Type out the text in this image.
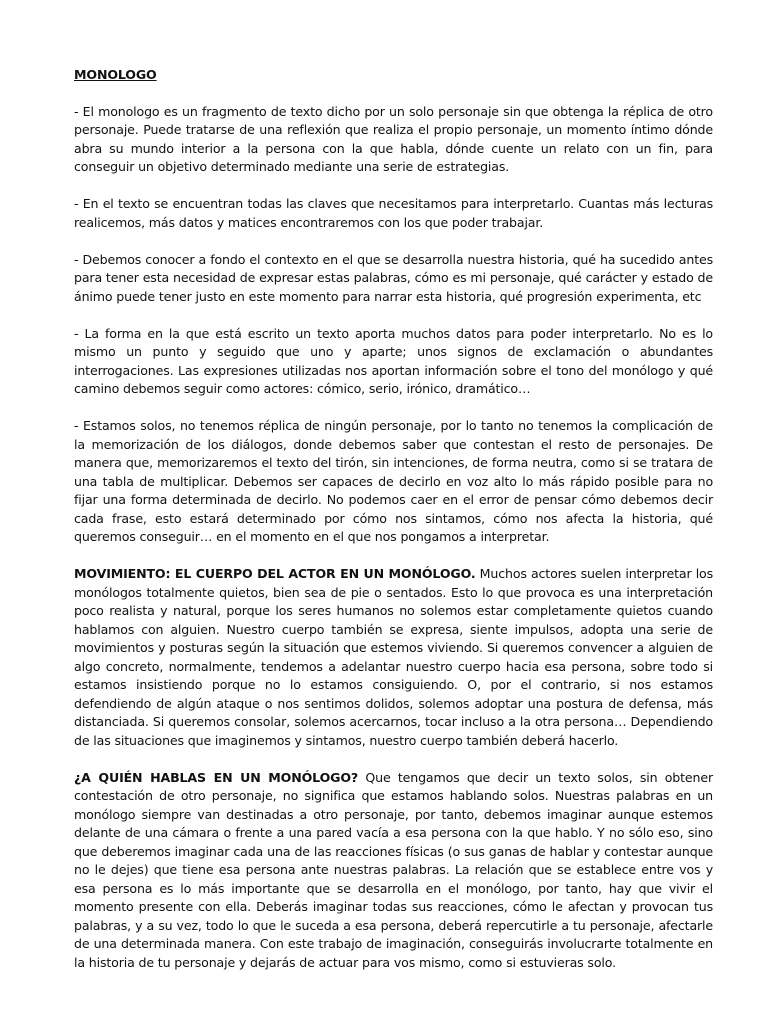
MONOLOGO

- El monologo es un fragmento de texto dicho por un solo personaje sin que obtenga la réplica de otro personaje. Puede tratarse de una reflexión que realiza el propio personaje, un momento íntimo dónde abra su mundo interior a la persona con la que habla, dónde cuente un relato con un fin, para conseguir un objetivo determinado mediante una serie de estrategias.

- En el texto se encuentran todas las claves que necesitamos para interpretarlo. Cuantas más lecturas realicemos, más datos y matices encontraremos con los que poder trabajar.

- Debemos conocer a fondo el contexto en el que se desarrolla nuestra historia, qué ha sucedido antes para tener esta necesidad de expresar estas palabras, cómo es mi personaje, qué carácter y estado de ánimo puede tener justo en este momento para narrar esta historia, qué progresión experimenta, etc

- La forma en la que está escrito un texto aporta muchos datos para poder interpretarlo. No es lo mismo un punto y seguido que uno y aparte; unos signos de exclamación o abundantes interrogaciones. Las expresiones utilizadas nos aportan información sobre el tono del monólogo y qué camino debemos seguir como actores: cómico, serio, irónico, dramático…

- Estamos solos, no tenemos réplica de ningún personaje, por lo tanto no tenemos la complicación de la memorización de los diálogos, donde debemos saber que contestan el resto de personajes. De manera que, memorizaremos el texto del tirón, sin intenciones, de forma neutra, como si se tratara de una tabla de multiplicar. Debemos ser capaces de decirlo en voz alto lo más rápido posible para no fijar una forma determinada de decirlo. No podemos caer en el error de pensar cómo debemos decir cada frase, esto estará determinado por cómo nos sintamos, cómo nos afecta la historia, qué queremos conseguir… en el momento en el que nos pongamos a interpretar.

MOVIMIENTO: EL CUERPO DEL ACTOR EN UN MONÓLOGO. Muchos actores suelen interpretar los monólogos totalmente quietos, bien sea de pie o sentados. Esto lo que provoca es una interpretación poco realista y natural, porque los seres humanos no solemos estar completamente quietos cuando hablamos con alguien. Nuestro cuerpo también se expresa, siente impulsos, adopta una serie de movimientos y posturas según la situación que estemos viviendo. Si queremos convencer a alguien de algo concreto, normalmente, tendemos a adelantar nuestro cuerpo hacia esa persona, sobre todo si estamos insistiendo porque no lo estamos consiguiendo. O, por el contrario, si nos estamos defendiendo de algún ataque o nos sentimos dolidos, solemos adoptar una postura de defensa, más distanciada. Si queremos consolar, solemos acercarnos, tocar incluso a la otra persona… Dependiendo de las situaciones que imaginemos y sintamos, nuestro cuerpo también deberá hacerlo.

¿A QUIÉN HABLAS EN UN MONÓLOGO? Que tengamos que decir un texto solos, sin obtener contestación de otro personaje, no significa que estamos hablando solos. Nuestras palabras en un monólogo siempre van destinadas a otro personaje, por tanto, debemos imaginar aunque estemos delante de una cámara o frente a una pared vacía a esa persona con la que hablo. Y no sólo eso, sino que deberemos imaginar cada una de las reacciones físicas (o sus ganas de hablar y contestar aunque no le dejes) que tiene esa persona ante nuestras palabras. La relación que se establece entre vos y esa persona es lo más importante que se desarrolla en el monólogo, por tanto, hay que vivir el momento presente con ella. Deberás imaginar todas sus reacciones, cómo le afectan y provocan tus palabras, y a su vez, todo lo que le suceda a esa persona, deberá repercutirle a tu personaje, afectarle de una determinada manera. Con este trabajo de imaginación, conseguirás involucrarte totalmente en la historia de tu personaje y dejarás de actuar para vos mismo, como si estuvieras solo.
